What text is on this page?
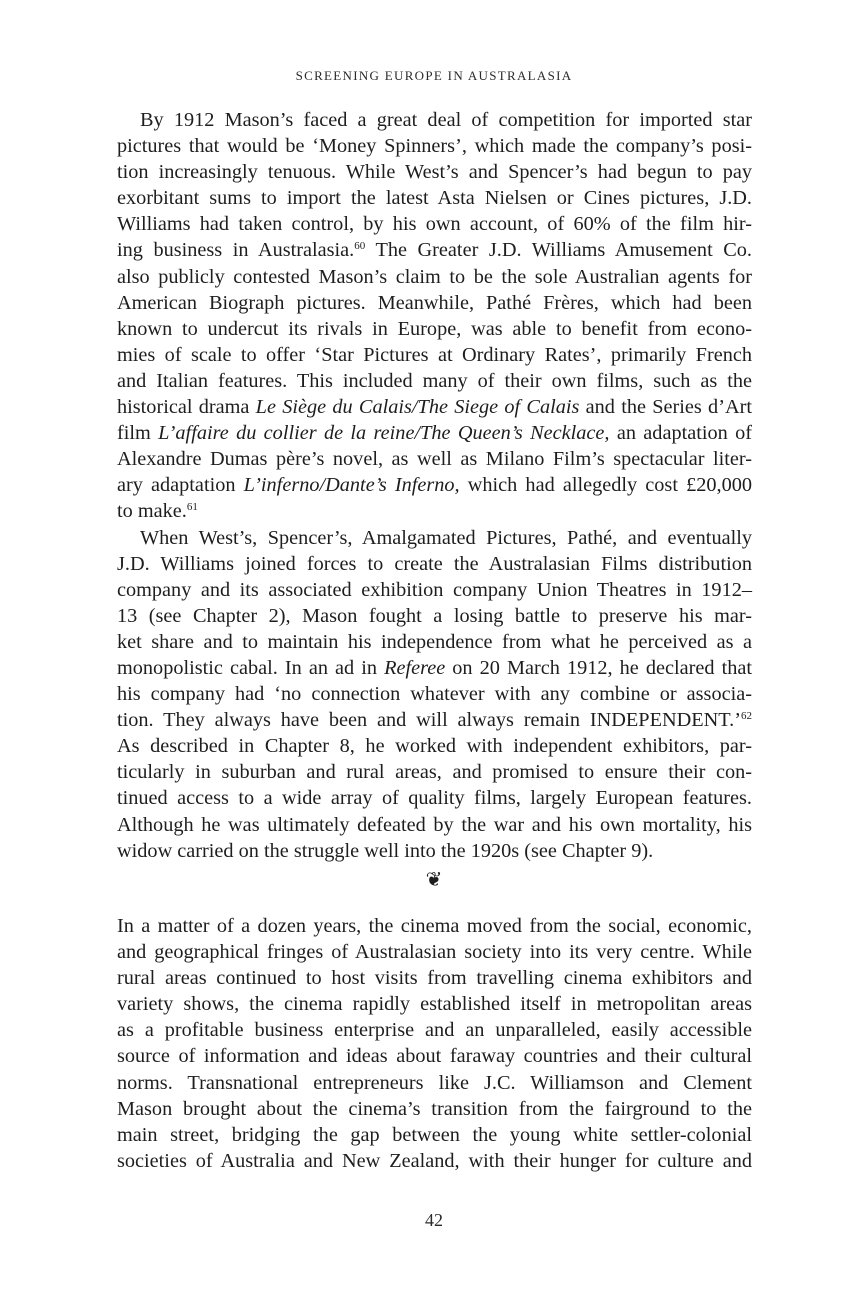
SCREENING EUROPE IN AUSTRALASIA
By 1912 Mason’s faced a great deal of competition for imported star
pictures that would be ‘Money Spinners’, which made the company’s posi-
tion increasingly tenuous. While West’s and Spencer’s had begun to pay
exorbitant sums to import the latest Asta Nielsen or Cines pictures, J.D.
Williams had taken control, by his own account, of 60% of the film hir-
ing business in Australasia.$^{60}$ The Greater J.D. Williams Amusement Co.
also publicly contested Mason’s claim to be the sole Australian agents for
American Biograph pictures. Meanwhile, Pathé Frères, which had been
known to undercut its rivals in Europe, was able to benefit from econo-
mies of scale to offer ‘Star Pictures at Ordinary Rates’, primarily French
and Italian features. This included many of their own films, such as the
historical drama Le Siège du Calais/The Siege of Calais and the Series d’Art
film L’affaire du collier de la reine/The Queen’s Necklace, an adaptation of
Alexandre Dumas père’s novel, as well as Milano Film’s spectacular liter-
ary adaptation L’inferno/Dante’s Inferno, which had allegedly cost £20,000
to make.$^{61}$
When West’s, Spencer’s, Amalgamated Pictures, Pathé, and eventually
J.D. Williams joined forces to create the Australasian Films distribution
company and its associated exhibition company Union Theatres in 1912–
13 (see Chapter 2), Mason fought a losing battle to preserve his mar-
ket share and to maintain his independence from what he perceived as a
monopolistic cabal. In an ad in Referee on 20 March 1912, he declared that
his company had ‘no connection whatever with any combine or associa-
tion. They always have been and will always remain INDEPENDENT.’$^{62}$
As described in Chapter 8, he worked with independent exhibitors, par-
ticularly in suburban and rural areas, and promised to ensure their con-
tinued access to a wide array of quality films, largely European features.
Although he was ultimately defeated by the war and his own mortality, his
widow carried on the struggle well into the 1920s (see Chapter 9).
❦
In a matter of a dozen years, the cinema moved from the social, economic,
and geographical fringes of Australasian society into its very centre. While
rural areas continued to host visits from travelling cinema exhibitors and
variety shows, the cinema rapidly established itself in metropolitan areas
as a profitable business enterprise and an unparalleled, easily accessible
source of information and ideas about faraway countries and their cultural
norms. Transnational entrepreneurs like J.C. Williamson and Clement
Mason brought about the cinema’s transition from the fairground to the
main street, bridging the gap between the young white settler-colonial
societies of Australia and New Zealand, with their hunger for culture and
42
